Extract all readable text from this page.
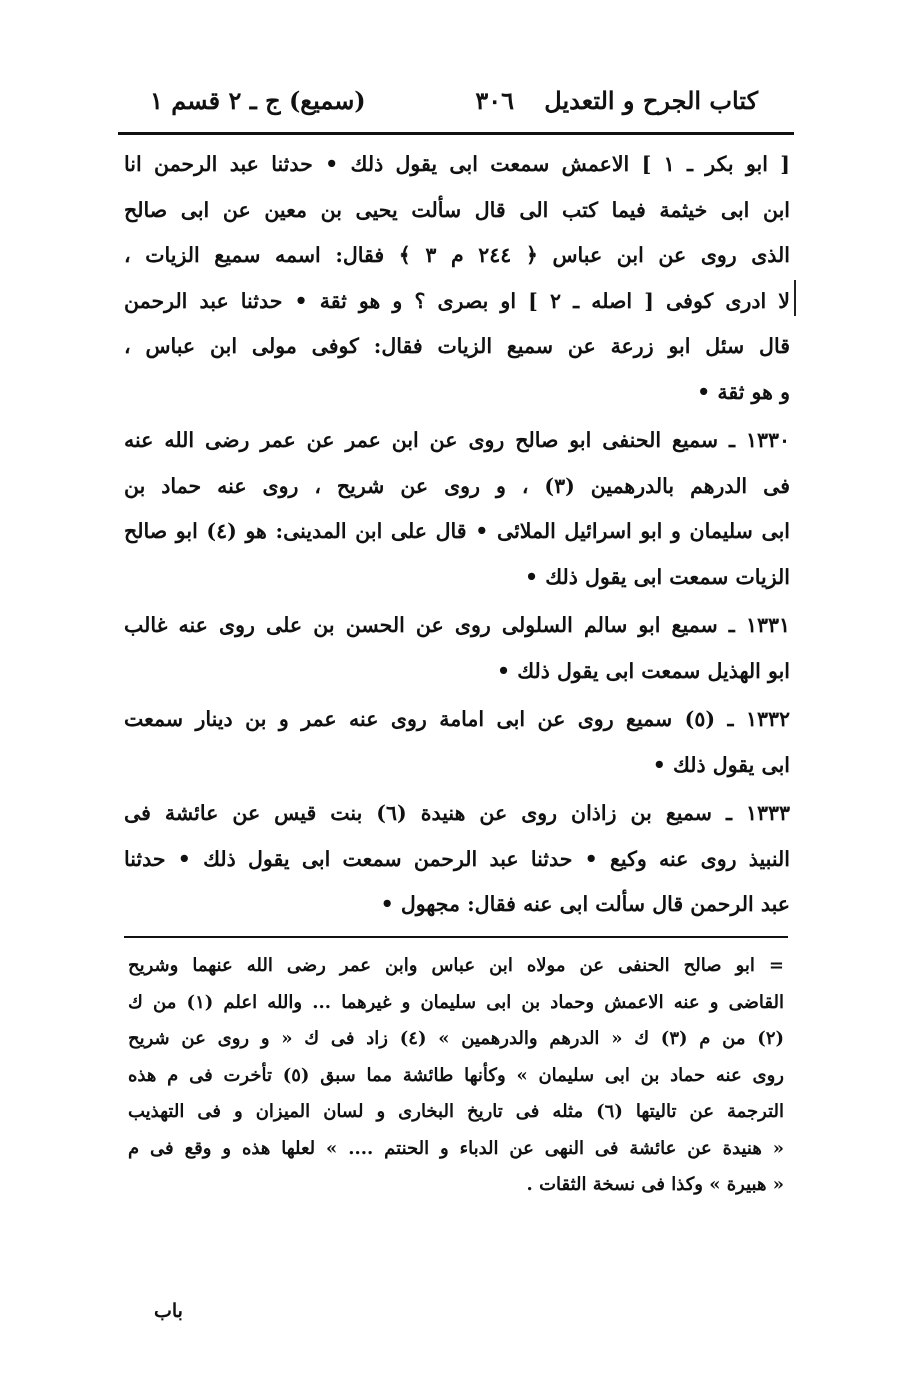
كتاب الجرح و التعديل
٣٠٦
(سميع) ج ـ ٢ قسم ١
[ ابو بكر ـ ١ ] الاعمش سمعت ابى يقول ذلك • حدثنا عبد الرحمن انا
ابن ابى خيثمة فيما كتب الى قال سألت يحيى بن معين عن ابى صالح
الذى روى عن ابن عباس ﴿ ٢٤٤ م ٣ ﴾ فقال: اسمه سميع الزيات ،
لا ادرى كوفى [ اصله ـ ٢ ] او بصرى ؟ و هو ثقة • حدثنا عبد الرحمن
قال سئل ابو زرعة عن سميع الزيات فقال: كوفى مولى ابن عباس ،
و هو ثقة •
١٣٣٠ ـ سميع الحنفى ابو صالح روى عن ابن عمر عن عمر رضى الله عنه
فى الدرهم بالدرهمين (٣) ، و روى عن شريح ، روى عنه حماد بن
ابى سليمان و ابو اسرائيل الملائى • قال على ابن المدينى: هو (٤) ابو صالح
الزيات سمعت ابى يقول ذلك •
١٣٣١ ـ سميع ابو سالم السلولى روى عن الحسن بن على روى عنه غالب
ابو الهذيل سمعت ابى يقول ذلك •
١٣٣٢ ـ (٥) سميع روى عن ابى امامة روى عنه عمر و بن دينار سمعت
ابى يقول ذلك •
١٣٣٣ ـ سميع بن زاذان روى عن هنيدة (٦) بنت قيس عن عائشة فى
النبيذ روى عنه وكيع • حدثنا عبد الرحمن سمعت ابى يقول ذلك • حدثنا
عبد الرحمن قال سألت ابى عنه فقال: مجهول •
= ابو صالح الحنفى عن مولاه ابن عباس وابن عمر رضى الله عنهما وشريح
القاضى و عنه الاعمش وحماد بن ابى سليمان و غيرهما ... والله اعلم (١) من ك
(٢) من م (٣) ك « الدرهم والدرهمين » (٤) زاد فى ك « و روى عن شريح
روى عنه حماد بن ابى سليمان » وكأنها طائشة مما سبق (٥) تأخرت فى م هذه
الترجمة عن تاليتها (٦) مثله فى تاريخ البخارى و لسان الميزان و فى التهذيب
« هنيدة عن عائشة فى النهى عن الدباء و الحنتم .... » لعلها هذه و وقع فى م
« هبيرة » وكذا فى نسخة الثقات .
باب
